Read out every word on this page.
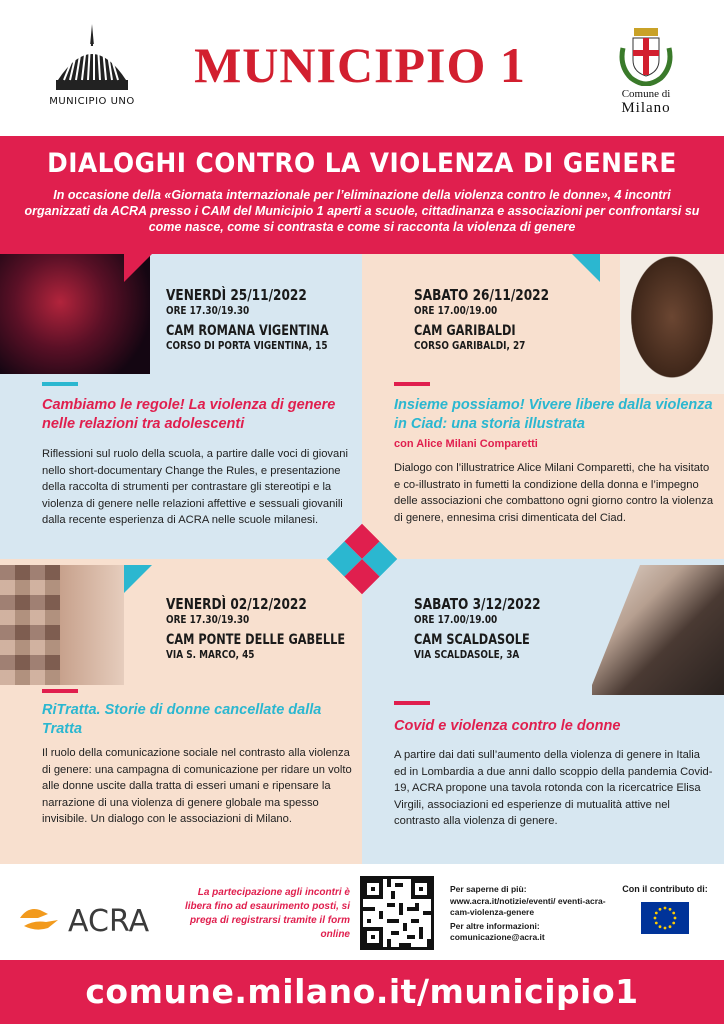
MUNICIPIO UNO
MUNICIPIO 1
Comune di
Milano
DIALOGHI CONTRO LA VIOLENZA DI GENERE
In occasione della «Giornata internazionale per l’eliminazione della violenza contro le donne», 4 incontri organizzati da ACRA presso i CAM del Municipio 1 aperti a scuole, cittadinanza e associazioni per confrontarsi su come nasce, come si contrasta e come si racconta la violenza di genere
VENERDÌ 25/11/2022
ORE 17.30/19.30
CAM ROMANA VIGENTINA
CORSO DI PORTA VIGENTINA, 15
Cambiamo le regole! La violenza di genere nelle relazioni tra adolescenti
Riflessioni sul ruolo della scuola, a partire dalle voci di giovani nello short-documentary Change the Rules, e presentazione della raccolta di strumenti per contrastare gli stereotipi e la violenza di genere nelle relazioni affettive e sessuali giovanili dalla recente esperienza di ACRA nelle scuole milanesi.
SABATO 26/11/2022
ORE 17.00/19.00
CAM GARIBALDI
CORSO GARIBALDI, 27
Insieme possiamo! Vivere libere dalla violenza in Ciad: una storia illustrata
con Alice Milani Comparetti
Dialogo con l’illustratrice Alice Milani Comparetti, che ha visitato e co-illustrato in fumetti la condizione della donna e l’impegno delle associazioni che combattono ogni giorno contro la violenza di genere, ennesima crisi dimenticata del Ciad.
VENERDÌ 02/12/2022
ORE 17.30/19.30
CAM PONTE DELLE GABELLE
VIA S. MARCO, 45
RiTratta. Storie di donne cancellate dalla Tratta
Il ruolo della comunicazione sociale nel contrasto alla violenza di genere: una campagna di comunicazione per ridare un volto alle donne uscite dalla tratta di esseri umani e ripensare la narrazione di una violenza di genere globale ma spesso invisibile. Un dialogo con le associazioni di Milano.
SABATO 3/12/2022
ORE 17.00/19.00
CAM SCALDASOLE
VIA SCALDASOLE, 3A
Covid e violenza contro le donne
A partire dai dati sull’aumento della violenza di genere in Italia ed in Lombardia a due anni dallo scoppio della pandemia Covid-19, ACRA propone una tavola rotonda con la ricercatrice Elisa Virgili, associazioni ed esperienze di mutualità attive nel contrasto alla violenza di genere.
ACRA
La partecipazione agli incontri è libera fino ad esaurimento posti, si prega di registrarsi tramite il form online
Per saperne di più:
www.acra.it/notizie/eventi/ eventi-acra-cam-violenza-genere
Per altre informazioni:
comunicazione@acra.it
Con il contributo di:
comune.milano.it/municipio1
